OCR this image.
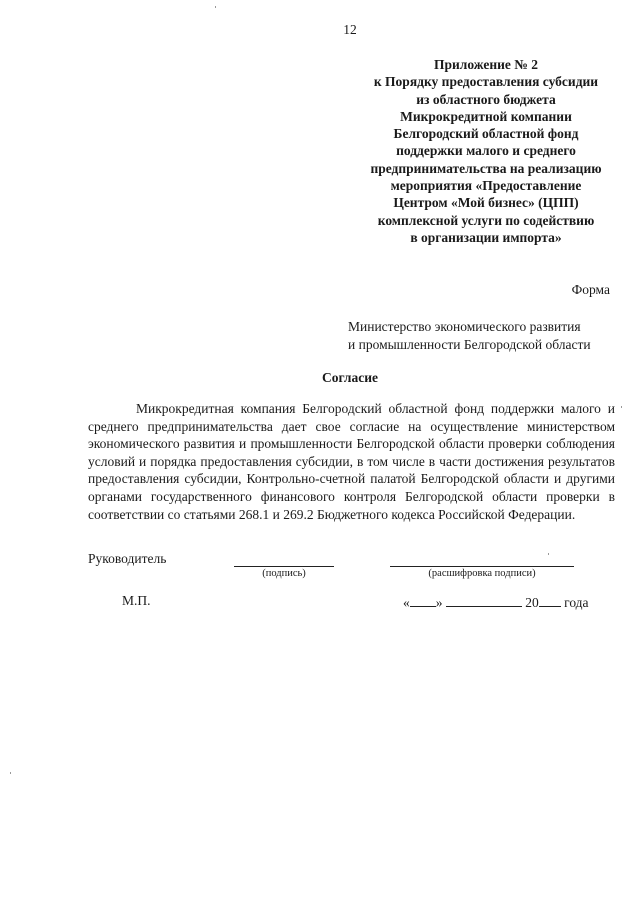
12
Приложение № 2
к Порядку предоставления субсидии
из областного бюджета
Микрокредитной компании
Белгородский областной фонд
поддержки малого и среднего
предпринимательства на реализацию
мероприятия «Предоставление
Центром «Мой бизнес» (ЦПП)
комплексной услуги по содействию
в организации импорта»
Форма
Министерство экономического развития
и промышленности Белгородской области
Согласие

Микрокредитная компания Белгородский областной фонд поддержки малого и среднего предпринимательства дает свое согласие на осуществление министерством экономического развития и промышленности Белгородской области проверки соблюдения условий и порядка предоставления субсидии, в том числе в части достижения результатов предоставления субсидии, Контрольно-счетной палатой Белгородской области и другими органами государственного финансового контроля Белгородской области проверки в соответствии со статьями 268.1 и 269.2 Бюджетного кодекса Российской Федерации.

Руководитель
(подпись)	(расшифровка подписи)
М.П.	« »	20 года
